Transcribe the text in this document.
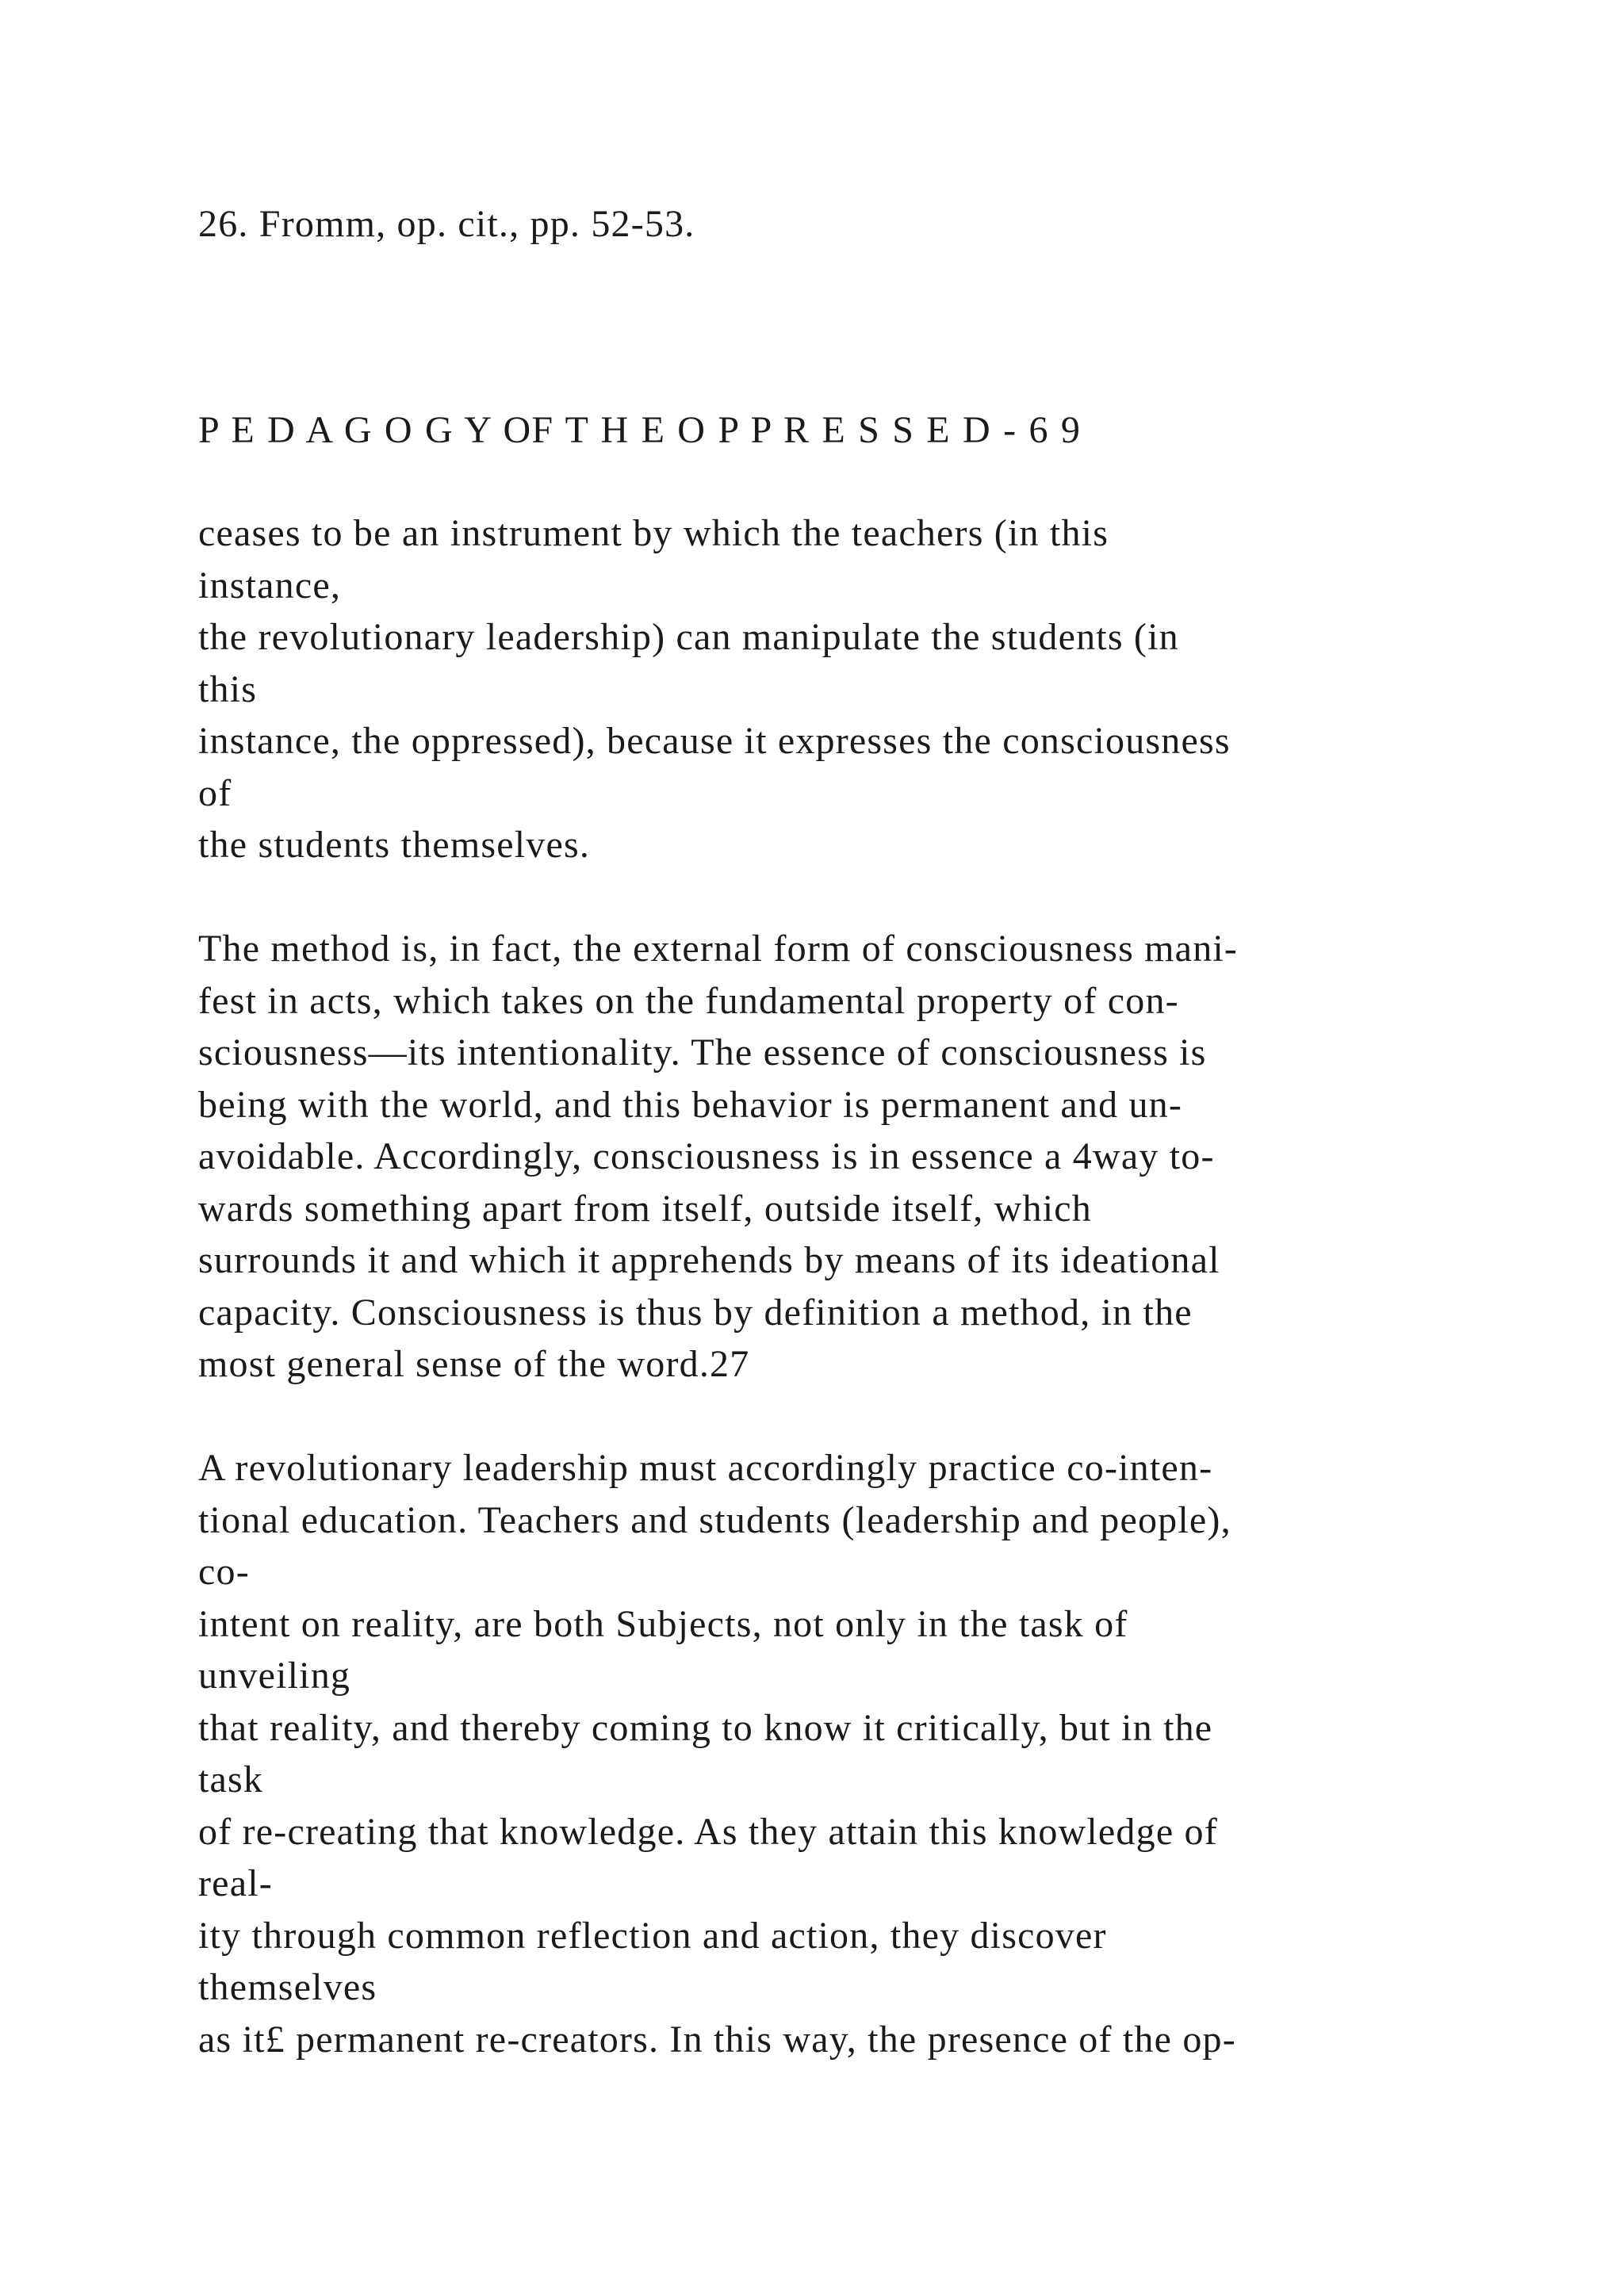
26. Fromm, op. cit., pp. 52-53.
P E D A G O G Y OF T H E O P P R E S S E D - 6 9
ceases to be an instrument by which the teachers (in this
instance,
the revolutionary leadership) can manipulate the students (in
this
instance, the oppressed), because it expresses the consciousness
of
the students themselves.
The method is, in fact, the external form of consciousness mani-
fest in acts, which takes on the fundamental property of con-
sciousness—its intentionality. The essence of consciousness is
being with the world, and this behavior is permanent and un-
avoidable. Accordingly, consciousness is in essence a 4way to-
wards something apart from itself, outside itself, which
surrounds it and which it apprehends by means of its ideational
capacity. Consciousness is thus by definition a method, in the
most general sense of the word.27
A revolutionary leadership must accordingly practice co-inten-
tional education. Teachers and students (leadership and people),
co-
intent on reality, are both Subjects, not only in the task of
unveiling
that reality, and thereby coming to know it critically, but in the
task
of re-creating that knowledge. As they attain this knowledge of
real-
ity through common reflection and action, they discover
themselves
as it£ permanent re-creators. In this way, the presence of the op-
